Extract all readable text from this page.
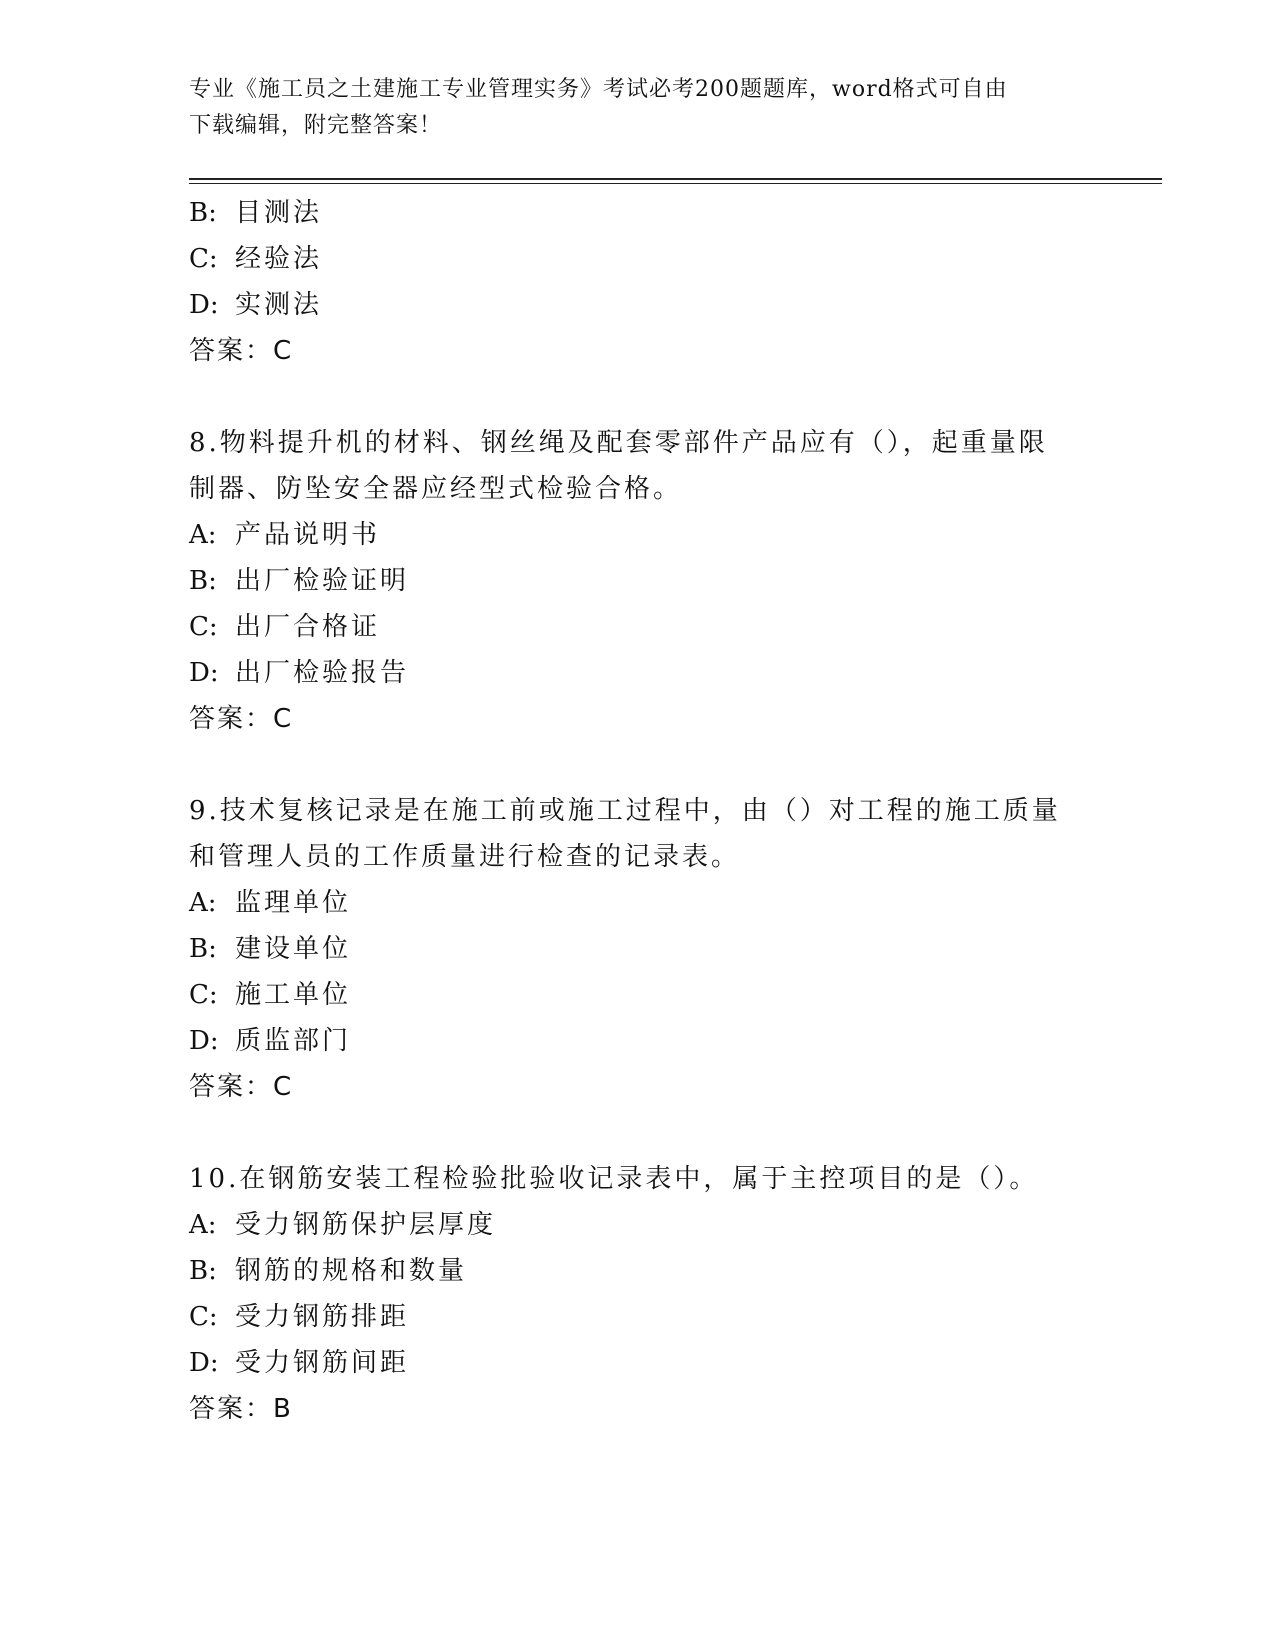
专业《施工员之土建施工专业管理实务》考试必考200题题库，word格式可自由
下载编辑，附完整答案！
B: 目测法
C: 经验法
D: 实测法
答案：C
8.物料提升机的材料、钢丝绳及配套零部件产品应有（），起重量限
制器、防坠安全器应经型式检验合格。
A: 产品说明书
B: 出厂检验证明
C: 出厂合格证
D: 出厂检验报告
答案：C
9.技术复核记录是在施工前或施工过程中，由（）对工程的施工质量
和管理人员的工作质量进行检查的记录表。
A: 监理单位
B: 建设单位
C: 施工单位
D: 质监部门
答案：C
10.在钢筋安装工程检验批验收记录表中，属于主控项目的是（）。
A: 受力钢筋保护层厚度
B: 钢筋的规格和数量
C: 受力钢筋排距
D: 受力钢筋间距
答案：B
